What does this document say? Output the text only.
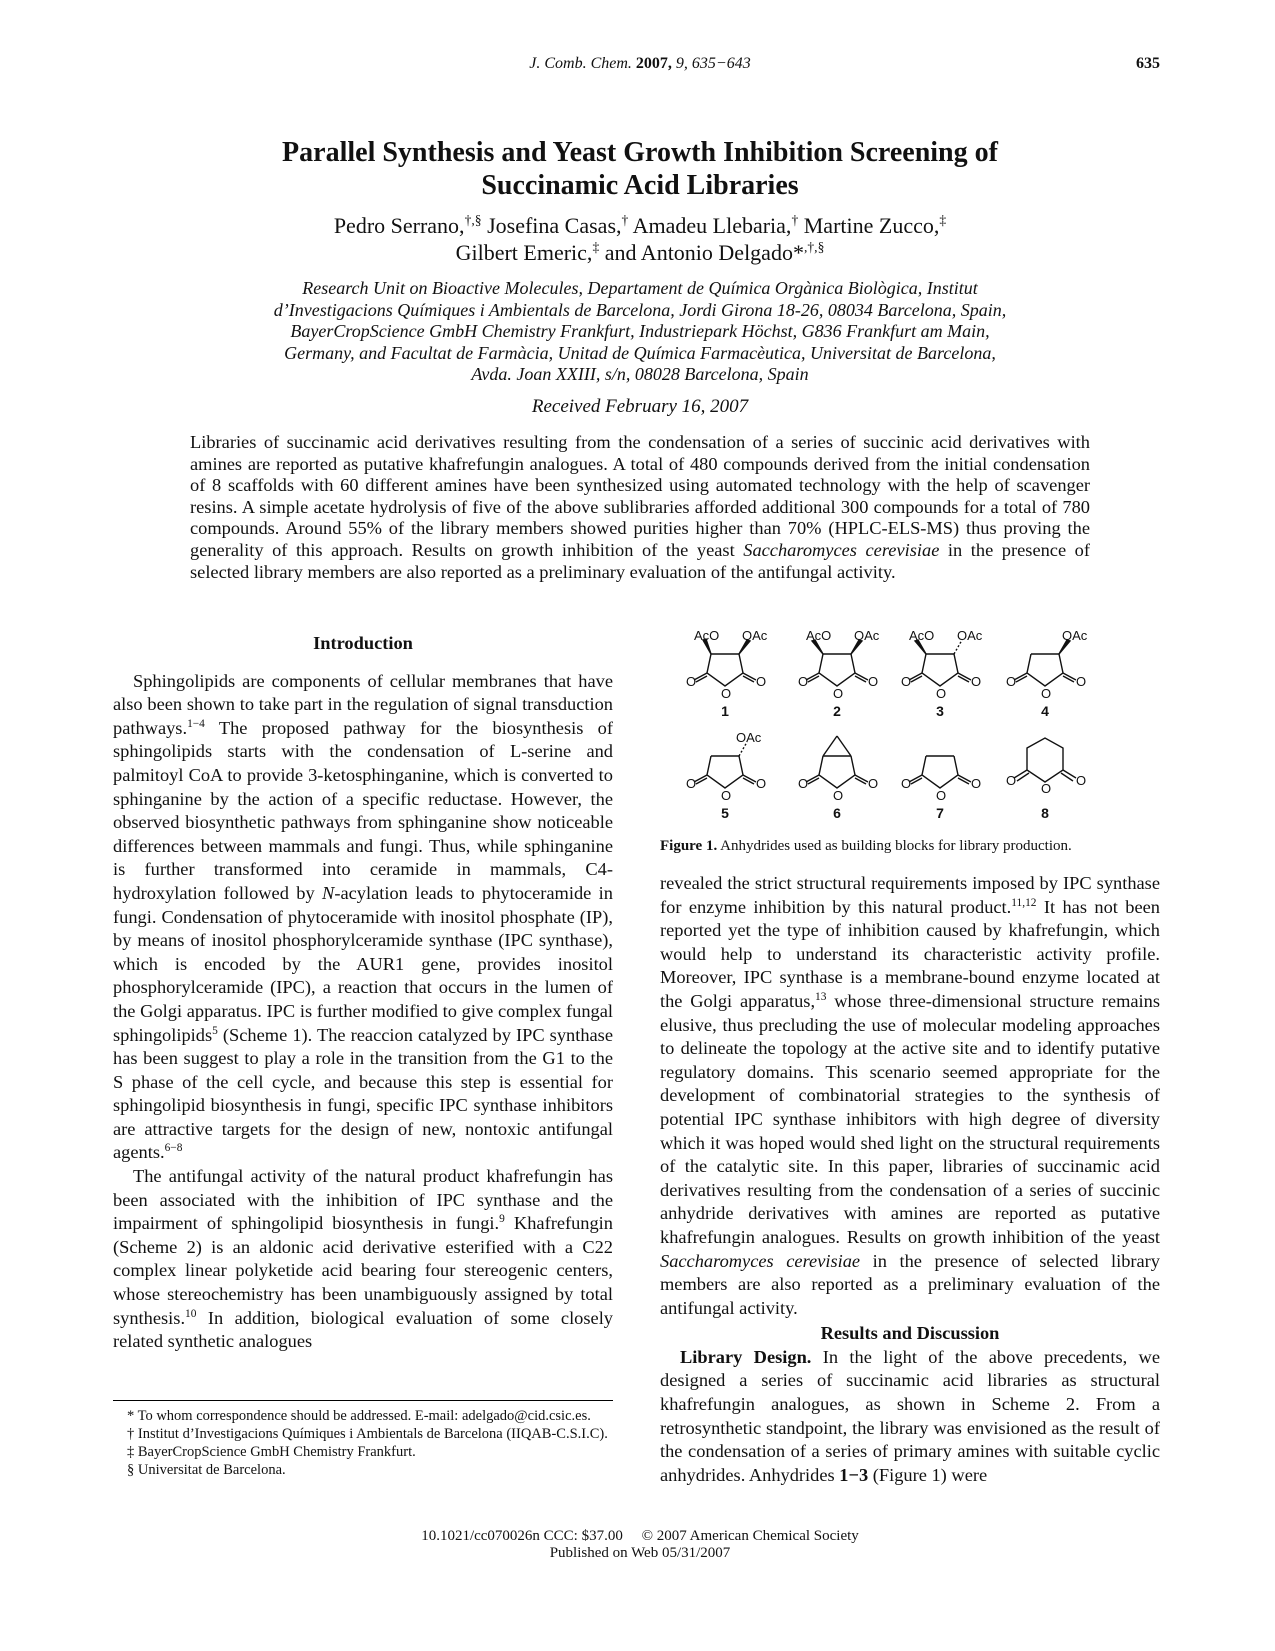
J. Comb. Chem. 2007, 9, 635−643	635
Parallel Synthesis and Yeast Growth Inhibition Screening of
Succinamic Acid Libraries
Pedro Serrano,†,§ Josefina Casas,† Amadeu Llebaria,† Martine Zucco,‡
Gilbert Emeric,‡ and Antonio Delgado*,†,§
Research Unit on Bioactive Molecules, Departament de Química Orgànica Biològica, Institut
d’Investigacions Químiques i Ambientals de Barcelona, Jordi Girona 18-26, 08034 Barcelona, Spain,
BayerCropScience GmbH Chemistry Frankfurt, Industriepark Höchst, G836 Frankfurt am Main,
Germany, and Facultat de Farmàcia, Unitad de Química Farmacèutica, Universitat de Barcelona,
Avda. Joan XXIII, s/n, 08028 Barcelona, Spain
Received February 16, 2007
Libraries of succinamic acid derivatives resulting from the condensation of a series of succinic acid derivatives with amines are reported as putative khafrefungin analogues. A total of 480 compounds derived from the initial condensation of 8 scaffolds with 60 different amines have been synthesized using automated technology with the help of scavenger resins. A simple acetate hydrolysis of five of the above sublibraries afforded additional 300 compounds for a total of 780 compounds. Around 55% of the library members showed purities higher than 70% (HPLC-ELS-MS) thus proving the generality of this approach. Results on growth inhibition of the yeast Saccharomyces cerevisiae in the presence of selected library members are also reported as a preliminary evaluation of the antifungal activity.
Introduction

Sphingolipids are components of cellular membranes that have also been shown to take part in the regulation of signal transduction pathways.$^{1-4}$ The proposed pathway for the biosynthesis of sphingolipids starts with the condensation of L-serine and palmitoyl CoA to provide 3-ketosphinganine, which is converted to sphinganine by the action of a specific reductase. However, the observed biosynthetic pathways from sphinganine show noticeable differences between mammals and fungi. Thus, while sphinganine is further transformed into ceramide in mammals, C4-hydroxylation followed by N-acylation leads to phytoceramide in fungi. Condensation of phytoceramide with inositol phosphate (IP), by means of inositol phosphorylceramide synthase (IPC synthase), which is encoded by the AUR1 gene, provides inositol phosphorylceramide (IPC), a reaction that occurs in the lumen of the Golgi apparatus. IPC is further modified to give complex fungal sphingolipids$^5$ (Scheme 1). The reaccion catalyzed by IPC synthase has been suggest to play a role in the transition from the G1 to the S phase of the cell cycle, and because this step is essential for sphingolipid biosynthesis in fungi, specific IPC synthase inhibitors are attractive targets for the design of new, nontoxic antifungal agents.$^{6-8}$

The antifungal activity of the natural product khafrefungin has been associated with the inhibition of IPC synthase and the impairment of sphingolipid biosynthesis in fungi.$^9$ Khafrefungin (Scheme 2) is an aldonic acid derivative esterified with a C22 complex linear polyketide acid bearing four stereogenic centers, whose stereochemistry has been unambiguously assigned by total synthesis.$^{10}$ In addition, biological evaluation of some closely related synthetic analogues

* To whom correspondence should be addressed. E-mail: adelgado@cid.csic.es.

† Institut d’Investigacions Químiques i Ambientals de Barcelona (IIQAB-C.S.I.C).

‡ BayerCropScience GmbH Chemistry Frankfurt.

§ Universitat de Barcelona.

AcO OAc	AcO OAc AcO OAc	OAc
OAc
O
O
O O
O
O O
O
O O
O
O
O
O
O O
O
O O
O
O O
O
O
1	2	3	4
5	6	7	8
Figure 1. Anhydrides used as building blocks for library production.

revealed the strict structural requirements imposed by IPC synthase for enzyme inhibition by this natural product.$^{11,12}$ It has not been reported yet the type of inhibition caused by khafrefungin, which would help to understand its characteristic activity profile. Moreover, IPC synthase is a membrane-bound enzyme located at the Golgi apparatus,$^{13}$ whose three-dimensional structure remains elusive, thus precluding the use of molecular modeling approaches to delineate the topology at the active site and to identify putative regulatory domains. This scenario seemed appropriate for the development of combinatorial strategies to the synthesis of potential IPC synthase inhibitors with high degree of diversity which it was hoped would shed light on the structural requirements of the catalytic site. In this paper, libraries of succinamic acid derivatives resulting from the condensation of a series of succinic anhydride derivatives with amines are reported as putative khafrefungin analogues. Results on growth inhibition of the yeast Saccharomyces cerevisiae in the presence of selected library members are also reported as a preliminary evaluation of the antifungal activity.

Results and Discussion

Library Design. In the light of the above precedents, we designed a series of succinamic acid libraries as structural khafrefungin analogues, as shown in Scheme 2. From a retrosynthetic standpoint, the library was envisioned as the result of the condensation of a series of primary amines with suitable cyclic anhydrides. Anhydrides 1−3 (Figure 1) were

10.1021/cc070026n CCC: $37.00 © 2007 American Chemical Society
Published on Web 05/31/2007
